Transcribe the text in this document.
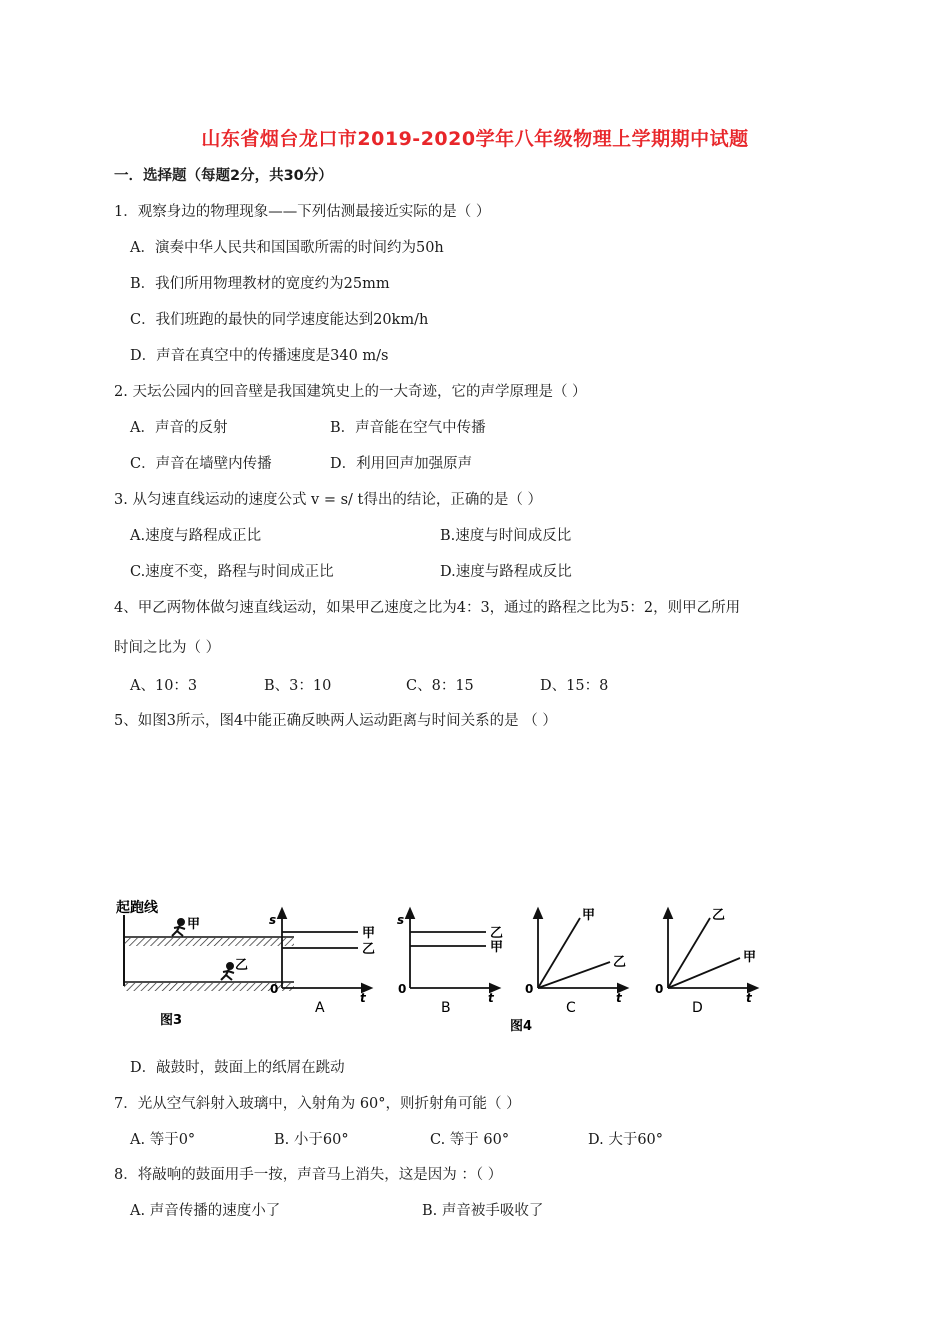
山东省烟台龙口市2019-2020学年八年级物理上学期期中试题
一．选择题（每题2分，共30分）
1．观察身边的物理现象——下列估测最接近实际的是（ ）
A．演奏中华人民共和国国歌所需的时间约为50h
B．我们所用物理教材的宽度约为25mm
C．我们班跑的最快的同学速度能达到20km/h
D．声音在真空中的传播速度是340 m/s
2. 天坛公园内的回音壁是我国建筑史上的一大奇迹，它的声学原理是（ ）
A．声音的反射	B．声音能在空气中传播
C．声音在墙壁内传播	D．利用回声加强原声
3. 从匀速直线运动的速度公式 v = s/ t得出的结论，正确的是（ ）
A.速度与路程成正比	B.速度与时间成反比
C.速度不变，路程与时间成正比	D.速度与路程成反比
4、甲乙两物体做匀速直线运动，如果甲乙速度之比为4：3，通过的路程之比为5：2，则甲乙所用
时间之比为（ ）
A、10：3	B、3：10	C、8：15	D、15：8
5、如图3所示，图4中能正确反映两人运动距离与时间关系的是 （ ）
起跑线
甲
乙
图3
s
0
t
甲
乙
A
s
0
t
乙
甲
B
0
t
甲
乙
C
图4
0
t
乙
甲
D
D．敲鼓时，鼓面上的纸屑在跳动
7．光从空气斜射入玻璃中，入射角为 60°，则折射角可能（ ）
A. 等于0°	B. 小于60°	C. 等于 60°	D. 大于60°
8．将敲响的鼓面用手一按，声音马上消失，这是因为 ：（ ）
A. 声音传播的速度小了	B. 声音被手吸收了
